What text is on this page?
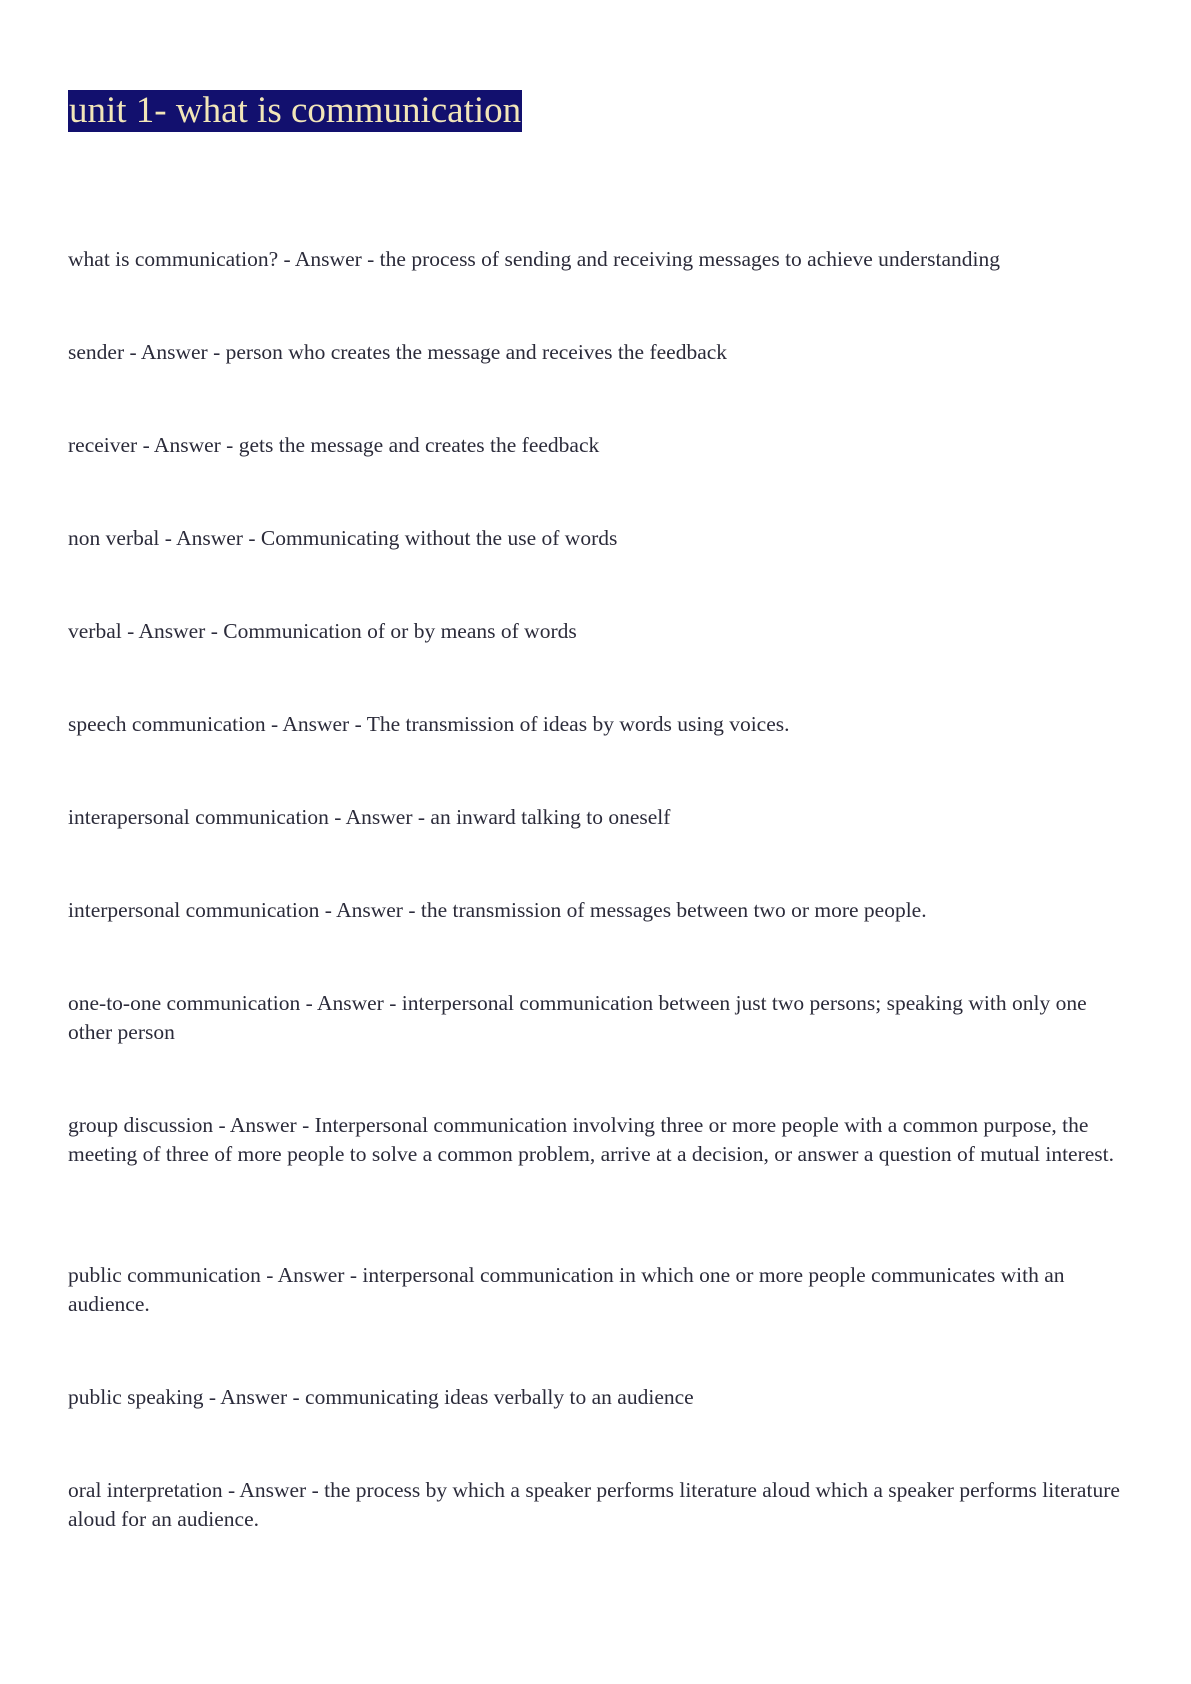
unit 1- what is communication

what is communication? - Answer - the process of sending and receiving messages to achieve understanding

sender - Answer - person who creates the message and receives the feedback

receiver - Answer - gets the message and creates the feedback

non verbal - Answer - Communicating without the use of words

verbal - Answer - Communication of or by means of words

speech communication - Answer - The transmission of ideas by words using voices.

interapersonal communication - Answer - an inward talking to oneself

interpersonal communication - Answer - the transmission of messages between two or more people.

one-to-one communication - Answer - interpersonal communication between just two persons; speaking with only one other person

group discussion - Answer - Interpersonal communication involving three or more people with a common purpose, the meeting of three of more people to solve a common problem, arrive at a decision, or answer a question of mutual interest.

public communication - Answer - interpersonal communication in which one or more people communicates with an audience.

public speaking - Answer - communicating ideas verbally to an audience

oral interpretation - Answer - the process by which a speaker performs literature aloud which a speaker performs literature aloud for an audience.
